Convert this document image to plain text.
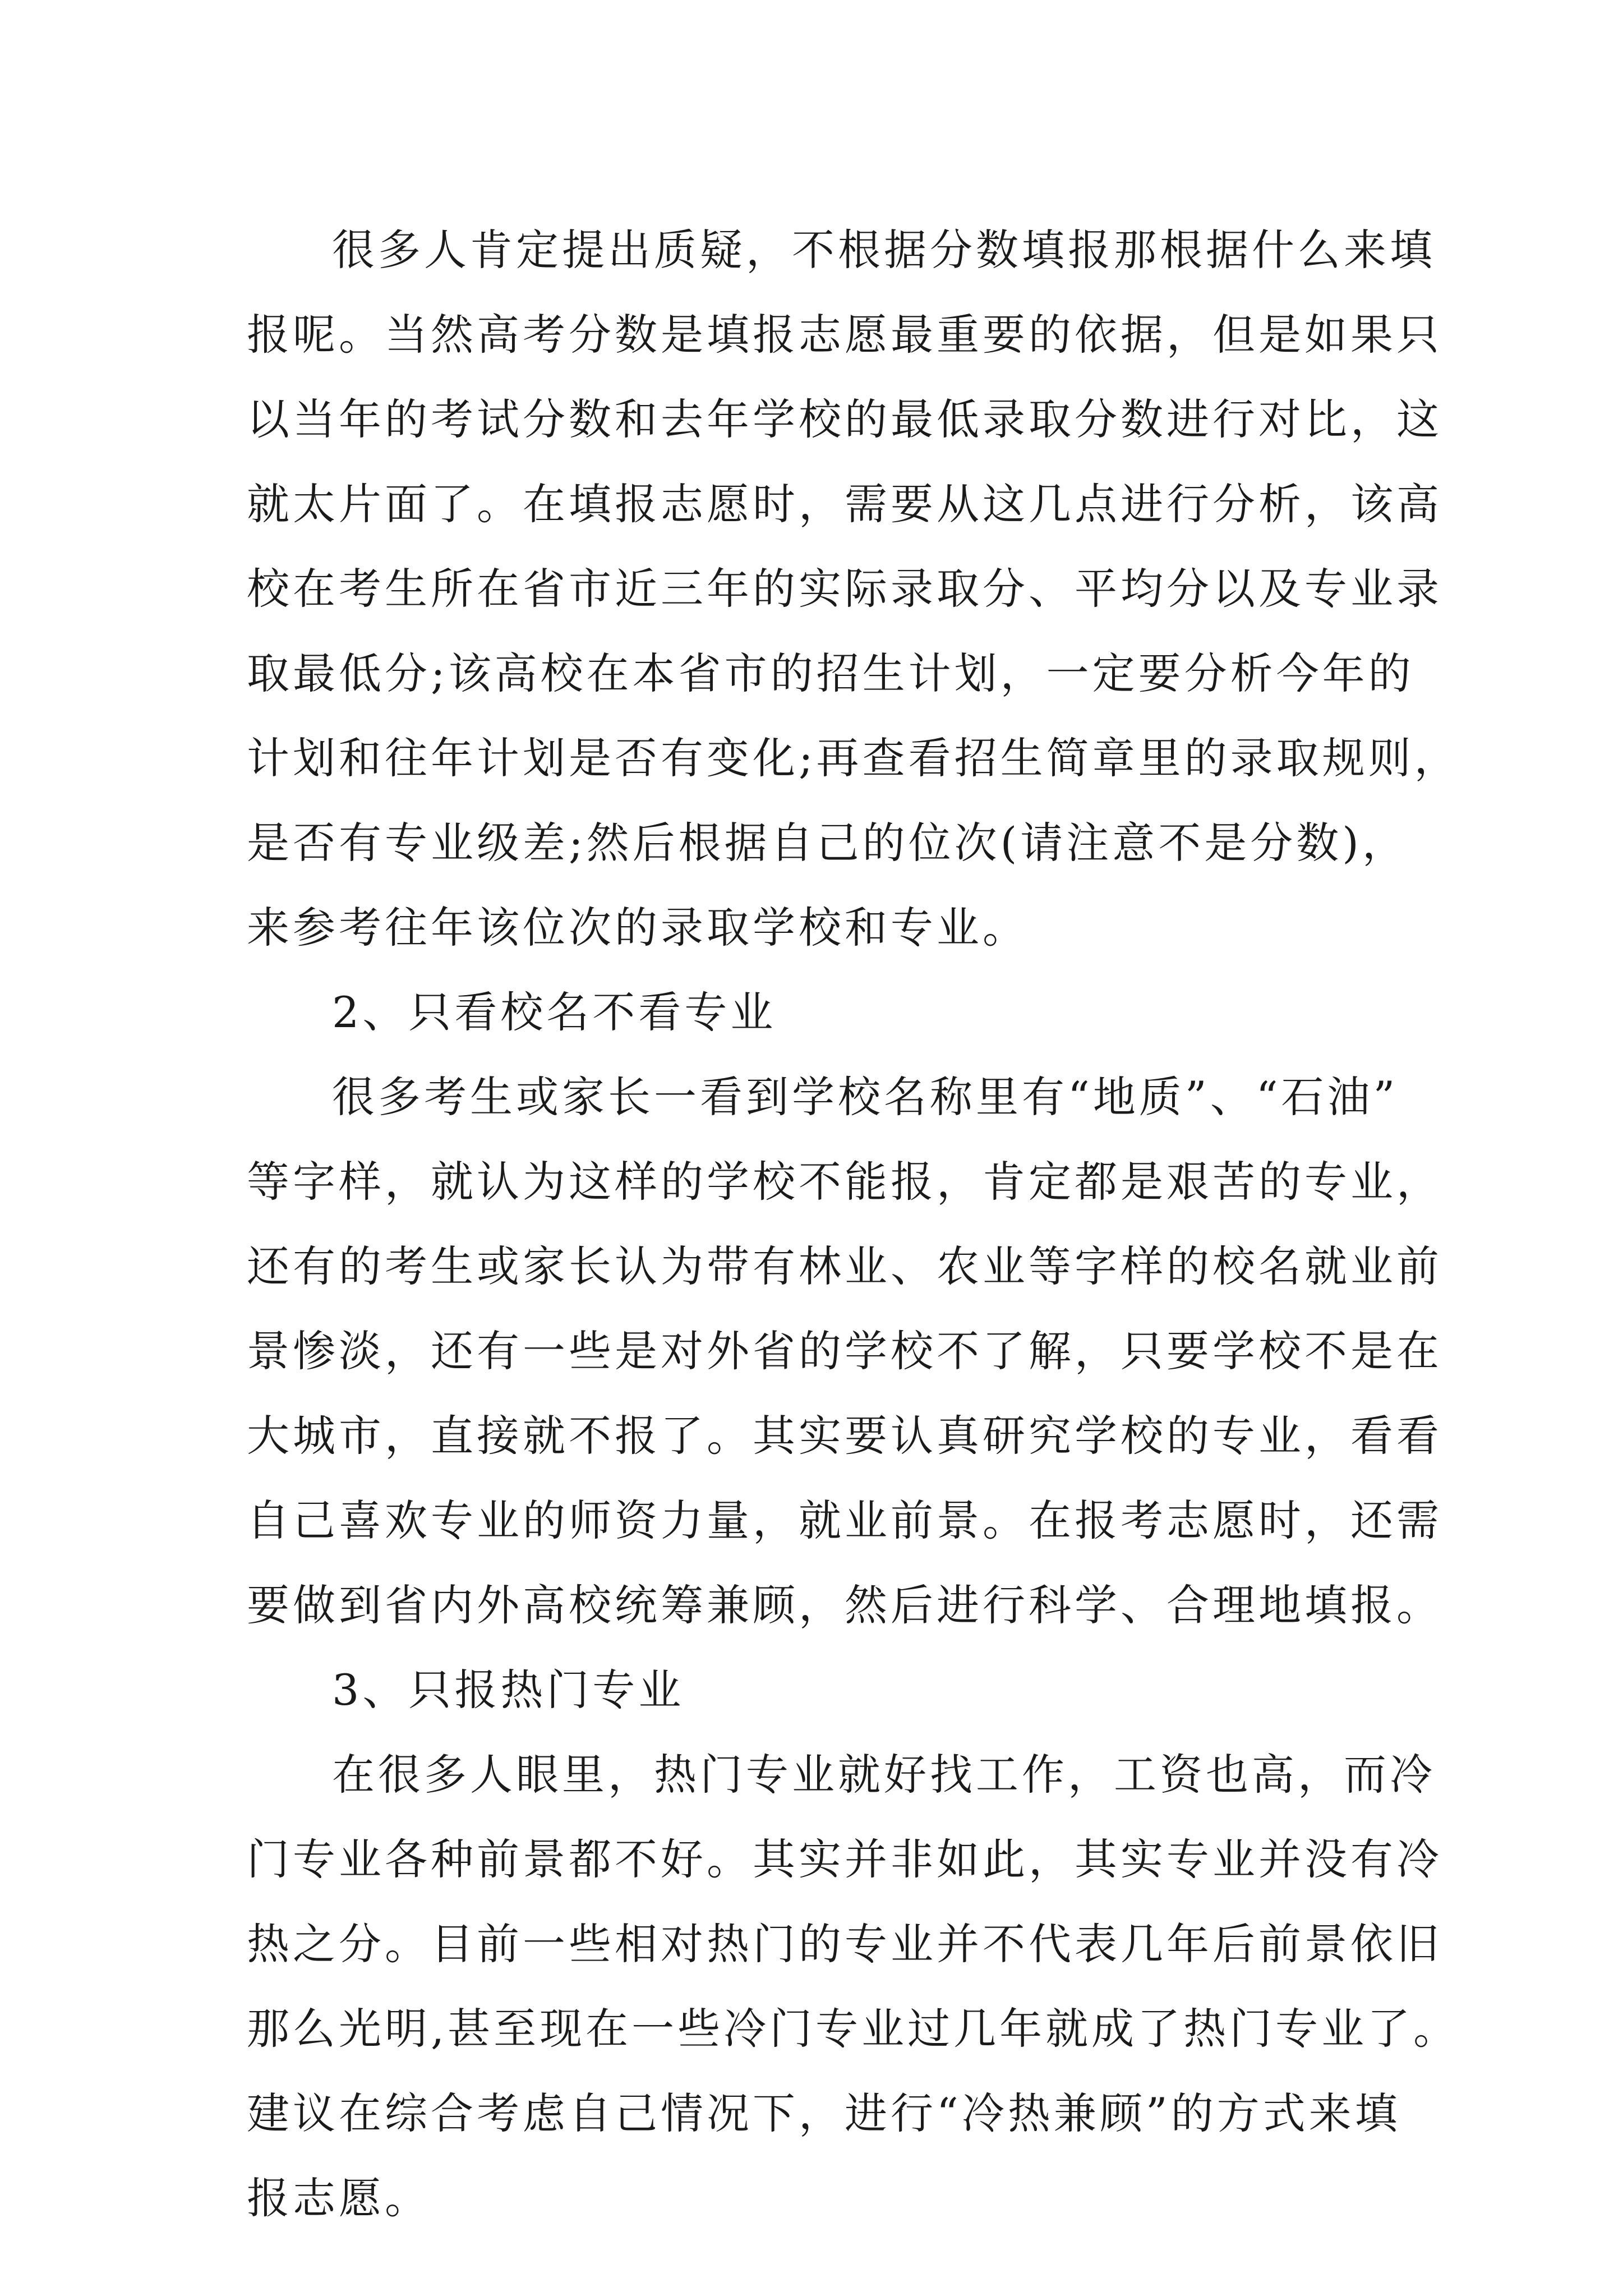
很多人肯定提出质疑，不根据分数填报那根据什么来填
报呢。当然高考分数是填报志愿最重要的依据，但是如果只
以当年的考试分数和去年学校的最低录取分数进行对比，这
就太片面了。在填报志愿时，需要从这几点进行分析，该高
校在考生所在省市近三年的实际录取分、平均分以及专业录
取最低分;该高校在本省市的招生计划，一定要分析今年的
计划和往年计划是否有变化;再查看招生简章里的录取规则，
是否有专业级差;然后根据自己的位次(请注意不是分数)，
来参考往年该位次的录取学校和专业。
2、只看校名不看专业
很多考生或家长一看到学校名称里有“地质”、“石油”
等字样，就认为这样的学校不能报，肯定都是艰苦的专业，
还有的考生或家长认为带有林业、农业等字样的校名就业前
景惨淡，还有一些是对外省的学校不了解，只要学校不是在
大城市，直接就不报了。其实要认真研究学校的专业，看看
自己喜欢专业的师资力量，就业前景。在报考志愿时，还需
要做到省内外高校统筹兼顾，然后进行科学、合理地填报。
3、只报热门专业
在很多人眼里，热门专业就好找工作，工资也高，而冷
门专业各种前景都不好。其实并非如此，其实专业并没有冷
热之分。目前一些相对热门的专业并不代表几年后前景依旧
那么光明,甚至现在一些冷门专业过几年就成了热门专业了。
建议在综合考虑自己情况下，进行“冷热兼顾”的方式来填
报志愿。
